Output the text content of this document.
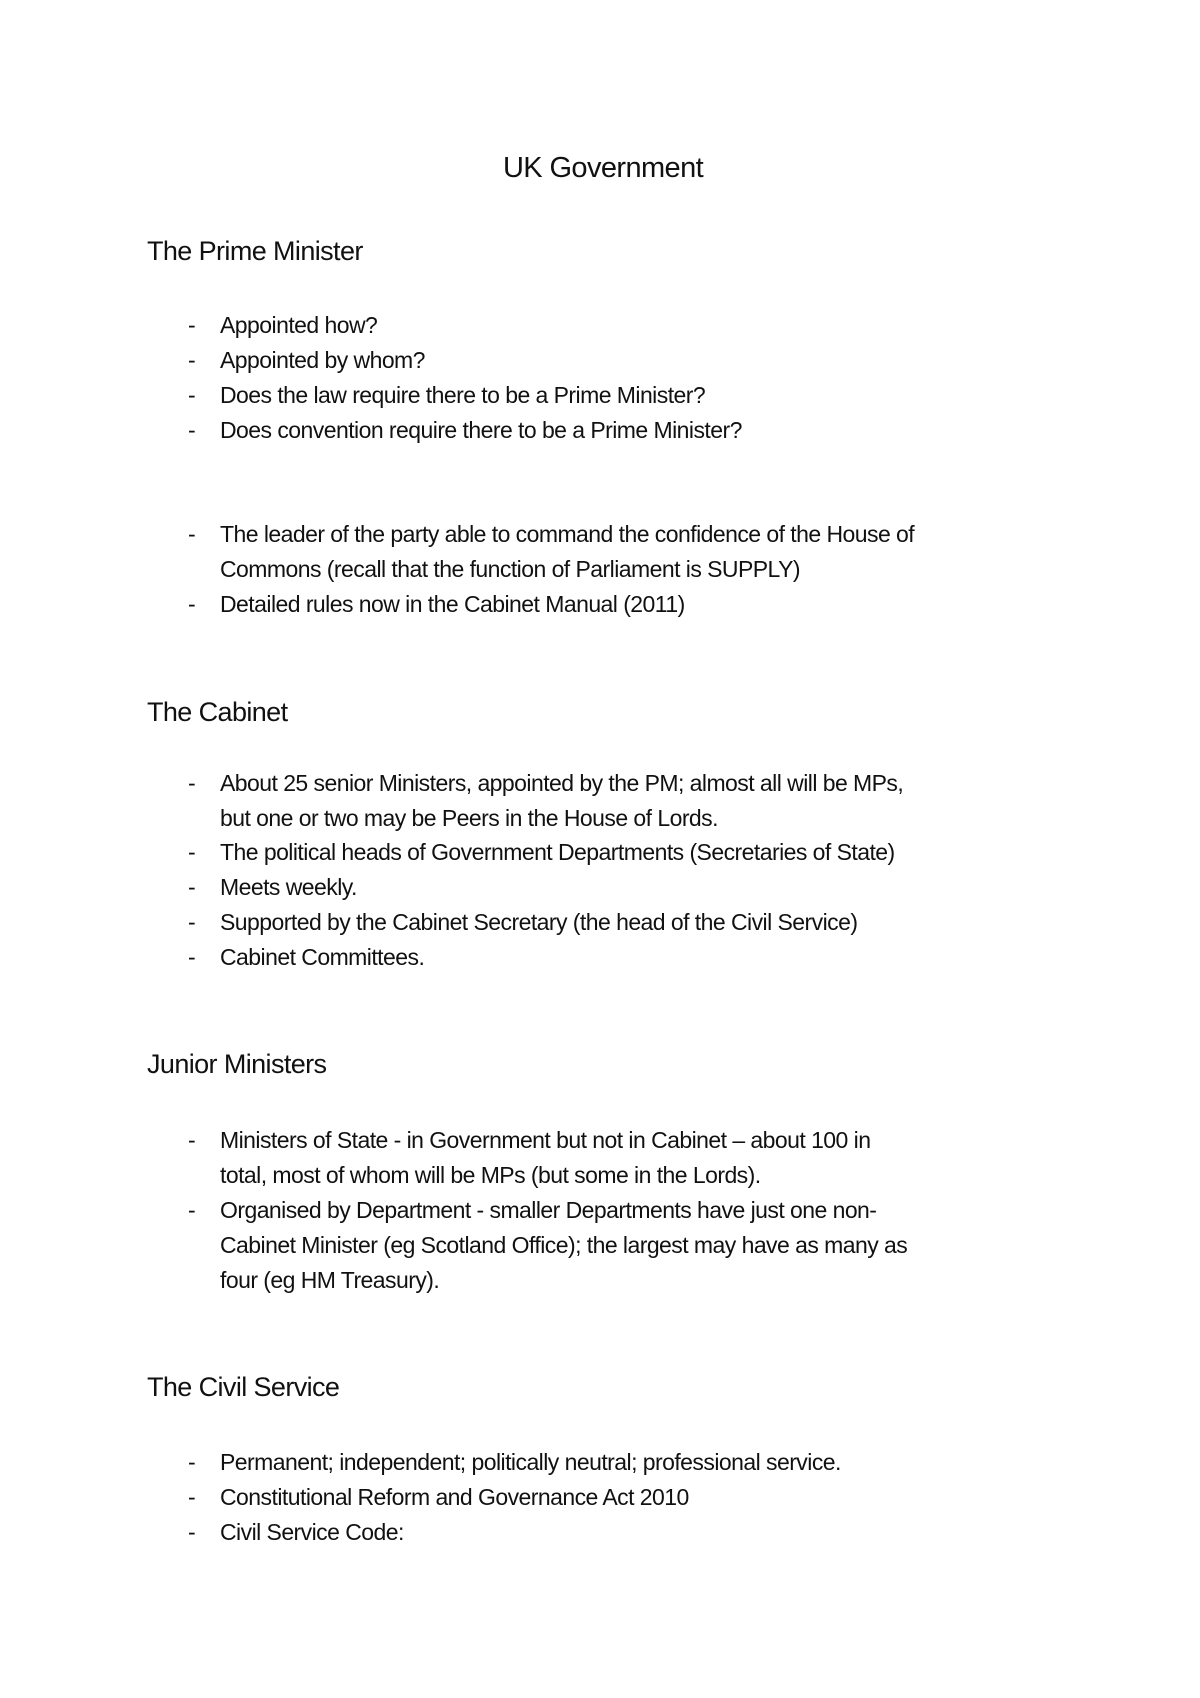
UK Government
The Prime Minister
- Appointed how?
- Appointed by whom?
- Does the law require there to be a Prime Minister?
- Does convention require there to be a Prime Minister?
- The leader of the party able to command the confidence of the House of
Commons (recall that the function of Parliament is SUPPLY)
- Detailed rules now in the Cabinet Manual (2011)
The Cabinet
- About 25 senior Ministers, appointed by the PM; almost all will be MPs,
but one or two may be Peers in the House of Lords.
- The political heads of Government Departments (Secretaries of State)
- Meets weekly.
- Supported by the Cabinet Secretary (the head of the Civil Service)
- Cabinet Committees.
Junior Ministers
- Ministers of State - in Government but not in Cabinet – about 100 in
total, most of whom will be MPs (but some in the Lords).
- Organised by Department - smaller Departments have just one non-
Cabinet Minister (eg Scotland Office); the largest may have as many as
four (eg HM Treasury).
The Civil Service
- Permanent; independent; politically neutral; professional service.
- Constitutional Reform and Governance Act 2010
- Civil Service Code:
